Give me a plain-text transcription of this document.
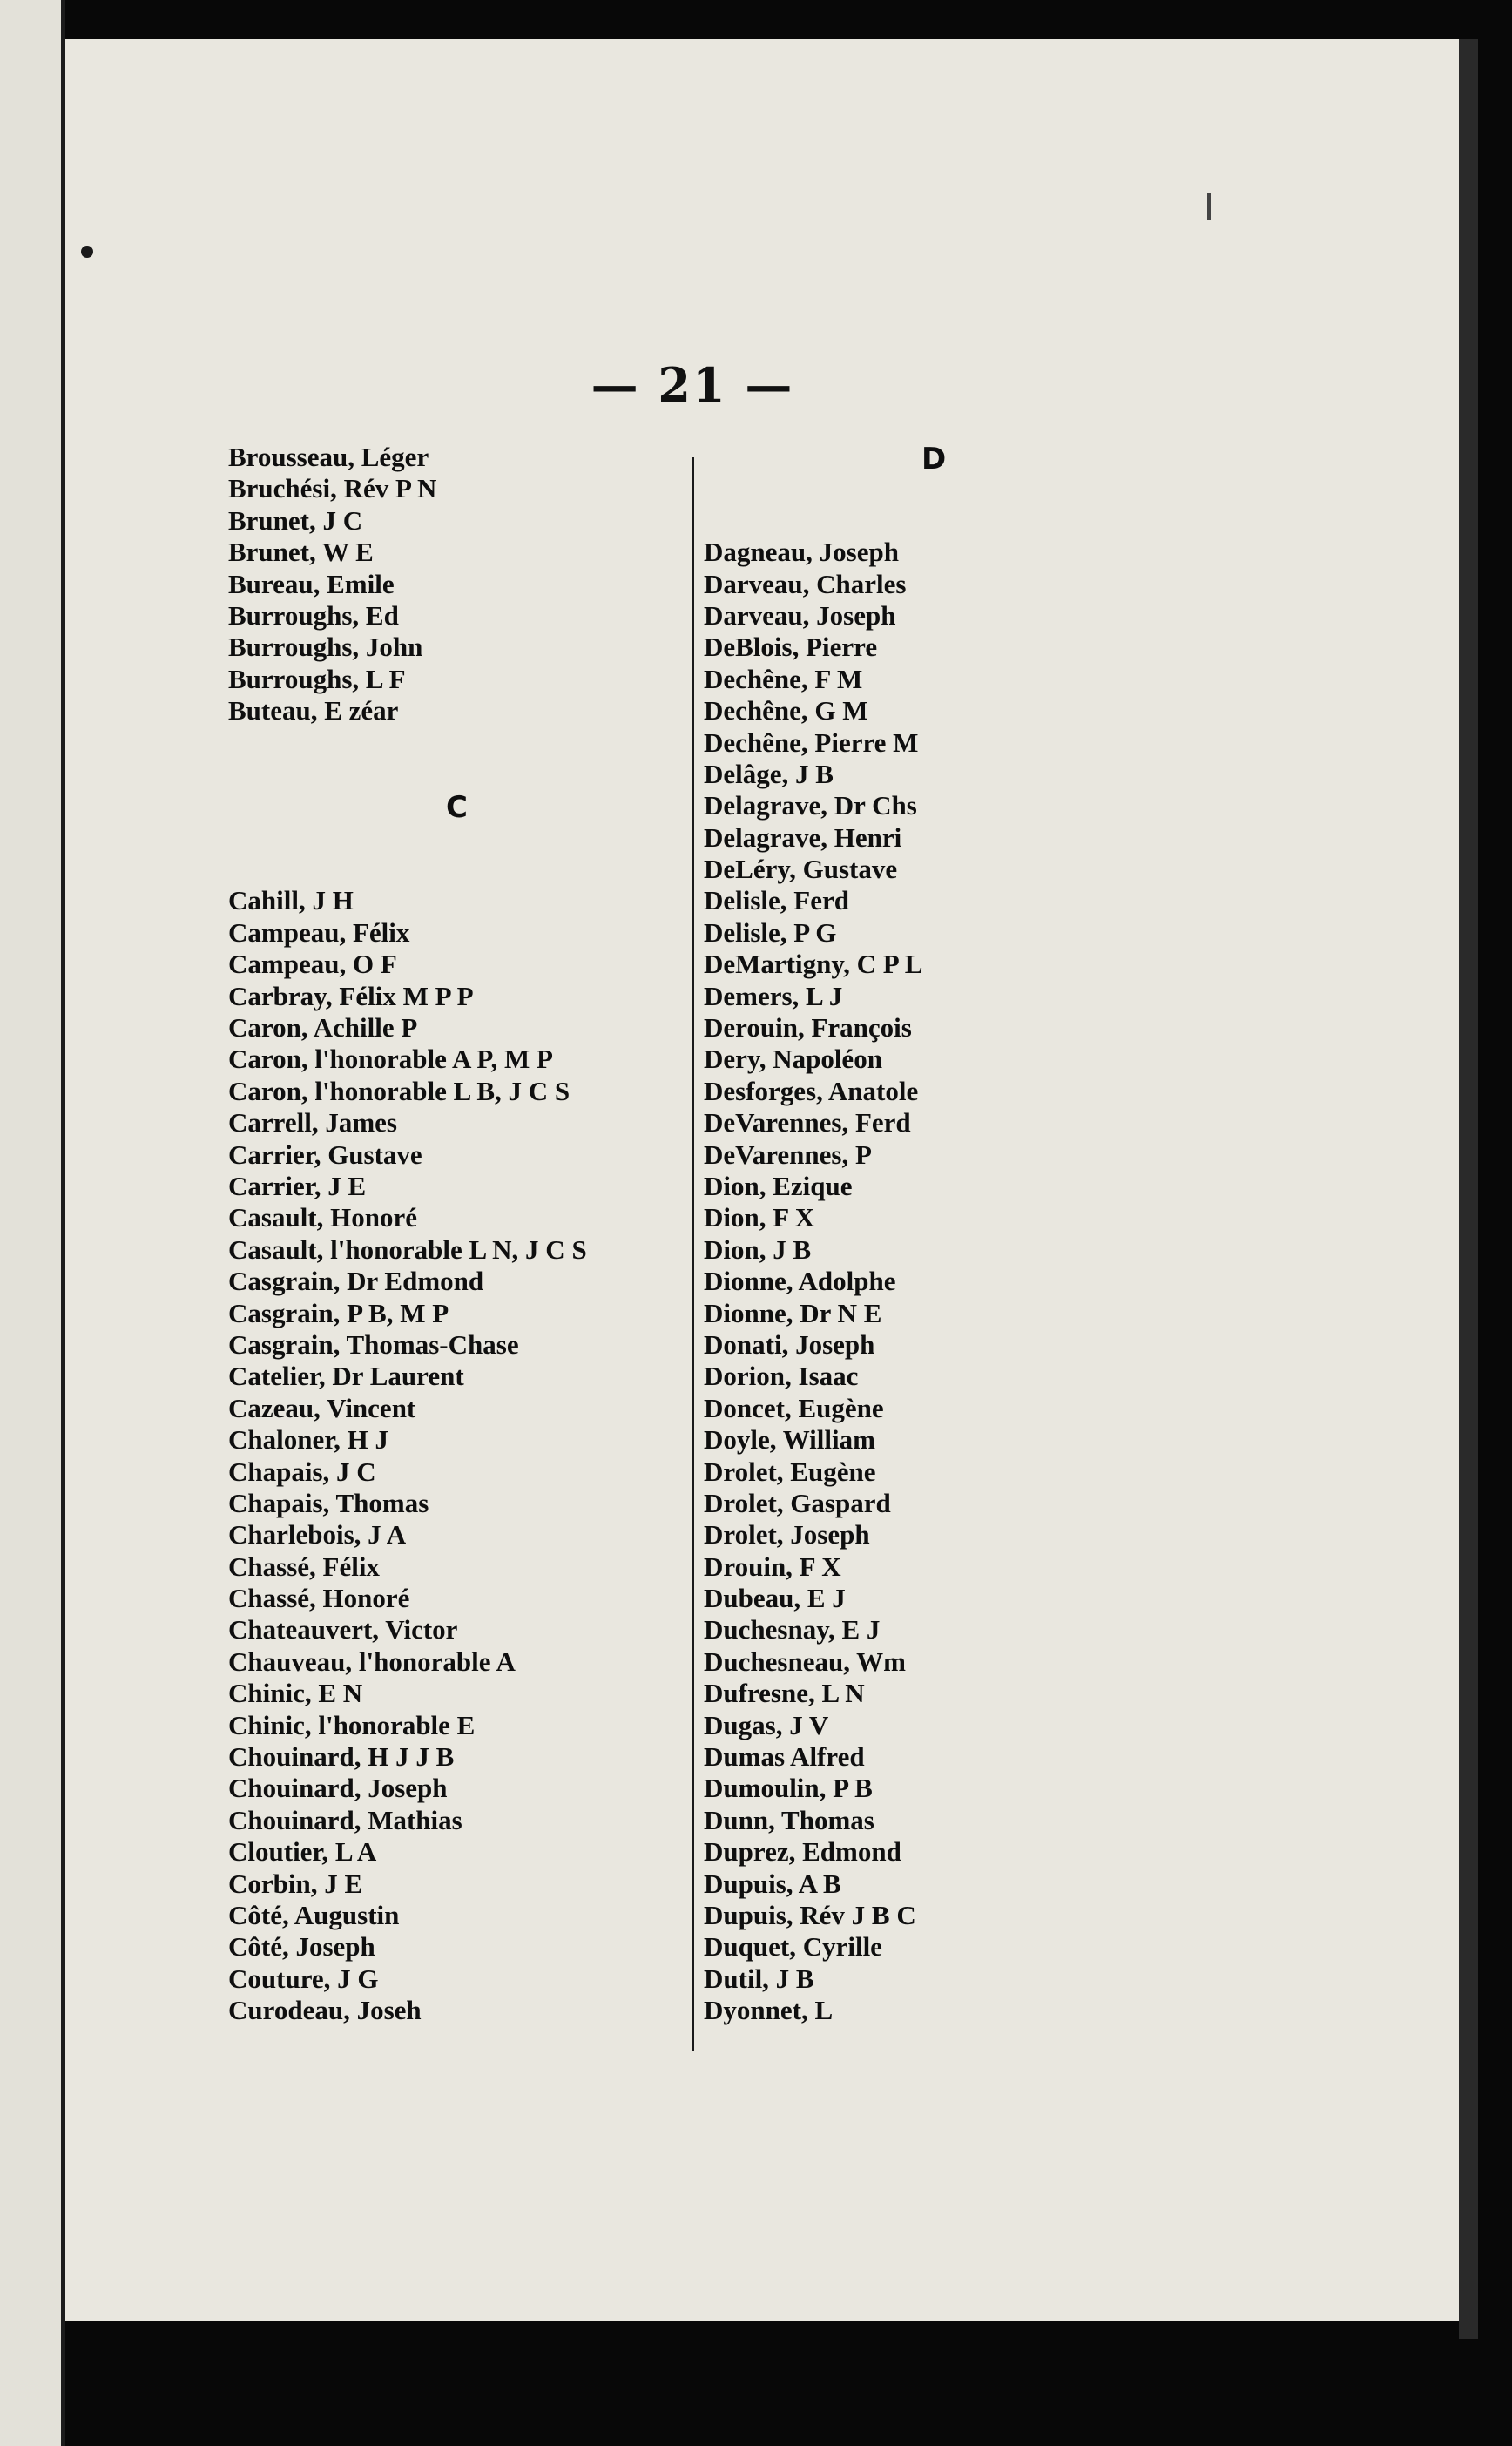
— 21 —
Brousseau, Léger
Bruchési, Rév P N
Brunet, J C
Brunet, W E
Bureau, Emile
Burroughs, Ed
Burroughs, John
Burroughs, L F
Buteau, E zéar
C
Cahill, J H
Campeau, Félix
Campeau, O F
Carbray, Félix M P P
Caron, Achille P
Caron, l'honorable A P, M P
Caron, l'honorable L B, J C S
Carrell, James
Carrier, Gustave
Carrier, J E
Casault, Honoré
Casault, l'honorable L N, J C S
Casgrain, Dr Edmond
Casgrain, P B, M P
Casgrain, Thomas-Chase
Catelier, Dr Laurent
Cazeau, Vincent
Chaloner, H J
Chapais, J C
Chapais, Thomas
Charlebois, J A
Chassé, Félix
Chassé, Honoré
Chateauvert, Victor
Chauveau, l'honorable A
Chinic, E N
Chinic, l'honorable E
Chouinard, H J J B
Chouinard, Joseph
Chouinard, Mathias
Cloutier, L A
Corbin, J E
Côté, Augustin
Côté, Joseph
Couture, J G
Curodeau, Joseh
D
Dagneau, Joseph
Darveau, Charles
Darveau, Joseph
DeBlois, Pierre
Dechêne, F M
Dechêne, G M
Dechêne, Pierre M
Delâge, J B
Delagrave, Dr Chs
Delagrave, Henri
DeLéry, Gustave
Delisle, Ferd
Delisle, P G
DeMartigny, C P L
Demers, L J
Derouin, François
Dery, Napoléon
Desforges, Anatole
DeVarennes, Ferd
DeVarennes, P
Dion, Ezique
Dion, F X
Dion, J B
Dionne, Adolphe
Dionne, Dr N E
Donati, Joseph
Dorion, Isaac
Doncet, Eugène
Doyle, William
Drolet, Eugène
Drolet, Gaspard
Drolet, Joseph
Drouin, F X
Dubeau, E J
Duchesnay, E J
Duchesneau, Wm
Dufresne, L N
Dugas, J V
Dumas Alfred
Dumoulin, P B
Dunn, Thomas
Duprez, Edmond
Dupuis, A B
Dupuis, Rév J B C
Duquet, Cyrille
Dutil, J B
Dyonnet, L
